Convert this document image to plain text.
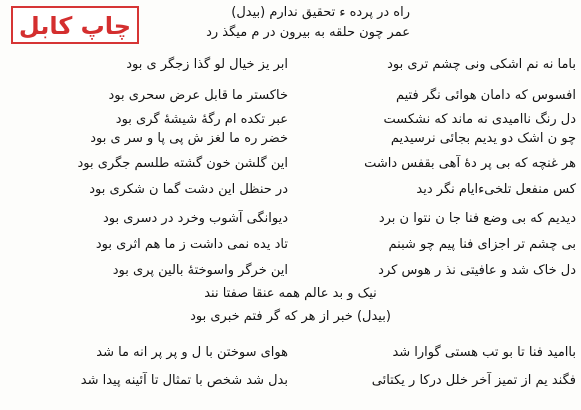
چاپ کابل	راه در پرده ء تحقیق ندارم (بیدل)
عمر چون حلقه به بیرون در م میگذ رد
باما نه نم اشکی ونی چشم تری بود
ابر یز خیال لو گذا زجگر ی بود
افسوس که دامان هوائی نگر فتیم
خاکستر ما قابل عرض سحری بود
دل رنگ ناامیدی نه ماند که نشکست
عبر تکده ام رگهٔ شیشهٔ گری بود
چو ن اشک دو یدیم بجائی نرسیدیم
خضر ره ما لغز ش پی پا و سر ی بود
هر غنچه که بی پر دهٔ آهی بقفس داشت
این گلشن خون گشته طلسم جگری بود
کس منفعل تلخیءایام نگر دید
در حنظل این دشت گما ن شکری بود
دیدیم که بی وضع فنا جا ن نتوا ن برد
دیوانگی آشوب وخرد در دسری بود
بی چشم تر اجزای فنا پیم چو شبنم
تاد یده نمی داشت ز ما هم اثری بود
دل خاک شد و عافیتی نذ ر هوس کرد
این خرگر واسوختهٔ بالین پری بود
نیک و بد عالم همه عنقا صفتا نند
(بیدل) خبر از هر که گر فتم خبری بود
باامید فنا تا بو تب هستی گوارا شد
هوای سوختن با ل و پر پر انه ما شد
فگند یم از تمیز آخر خلل درکا ر یکتائی
بدل شد شخص با تمثال تا آئینه پیدا شد
